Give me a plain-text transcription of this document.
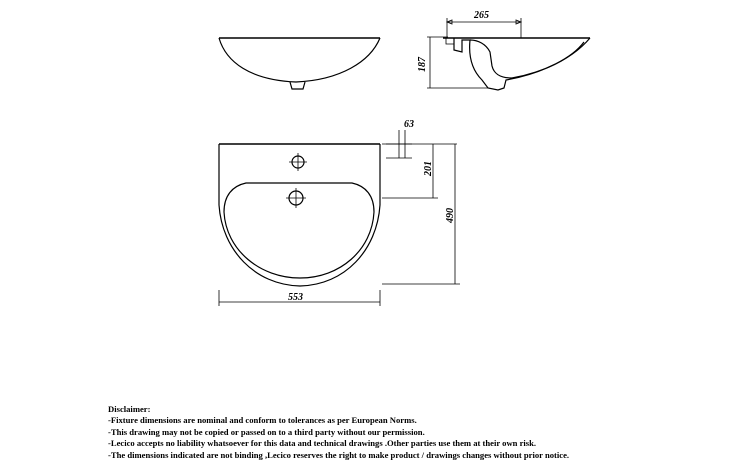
265
187
63
201
490
553
Disclaimer:
-Fixture dimensions are nominal and conform to tolerances as per European Norms.
-This drawing may not be copied or passed on to a third party without our permission.
-Lecico accepts no liability whatsoever for this data and technical drawings .Other parties use them at their own risk.
-The dimensions indicated are not binding ,Lecico reserves the right to make product / drawings changes without prior notice.
